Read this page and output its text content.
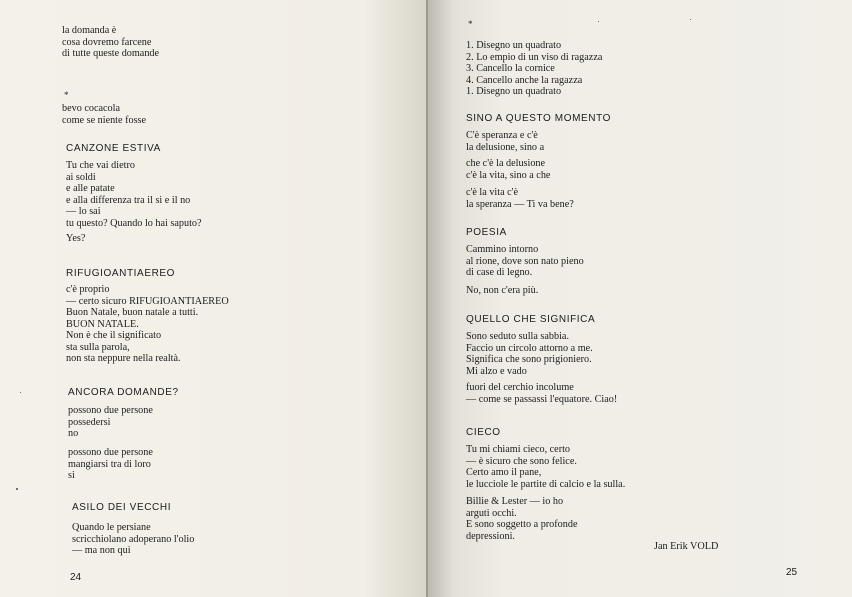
la domanda è
cosa dovremo farcene
di tutte queste domande
*
bevo cocacola
come se niente fosse
CANZONE ESTIVA
Tu che vai dietro
ai soldi
e alle patate
e alla differenza tra il si e il no
— lo sai
tu questo? Quando lo hai saputo?
Yes?
RIFUGIOANTIAEREO
c'è proprio
— certo sicuro RIFUGIOANTIAEREO
Buon Natale, buon natale a tutti.
BUON NATALE.
Non è che il significato
sta sulla parola,
non sta neppure nella realtà.
ANCORA DOMANDE?
possono due persone
possedersi
no
possono due persone
mangiarsi tra di loro
si
ASILO DEI VECCHI
Quando le persiane
scricchiolano adoperano l'olio
— ma non qui
24
*
1. Disegno un quadrato
2. Lo empio di un viso di ragazza
3. Cancello la cornice
4. Cancello anche la ragazza
1. Disegno un quadrato
SINO A QUESTO MOMENTO
C'è speranza e c'è
la delusione, sino a
che c'è la delusione
c'è la vita, sino a che
c'è la vita c'è
la speranza — Ti va bene?
POESIA
Cammino intorno
al rione, dove son nato pieno
di case di legno.
No, non c'era più.
QUELLO CHE SIGNIFICA
Sono seduto sulla sabbia.
Faccio un circolo attorno a me.
Significa che sono prigioniero.
Mi alzo e vado
fuori del cerchio incolume
— come se passassi l'equatore. Ciao!
CIECO
Tu mi chiami cieco, certo
— è sicuro che sono felice.
Certo amo il pane,
le lucciole le partite di calcio e la sulla.
Billie & Lester — io ho
arguti occhi.
E sono soggetto a profonde
depressioni.
Jan Erik VOLD
25
